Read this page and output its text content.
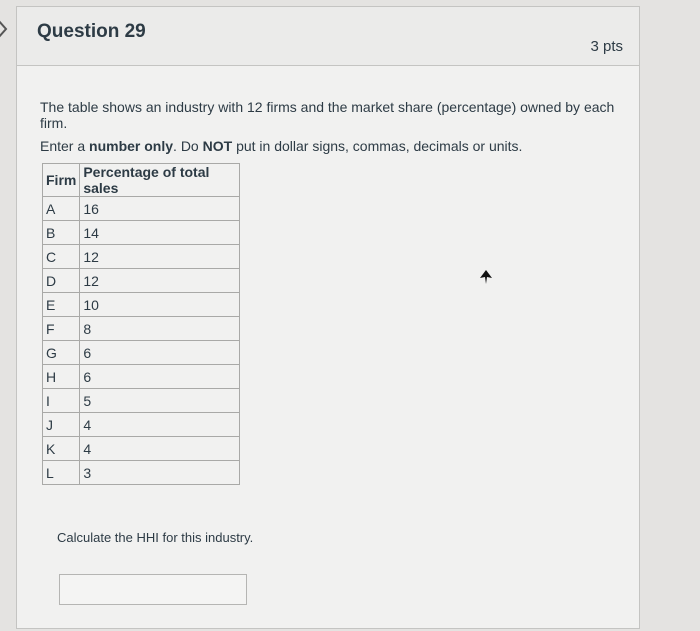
Question 29
3 pts
The table shows an industry with 12 firms and the market share (percentage) owned by each firm.
Enter a number only. Do NOT put in dollar signs, commas, decimals or units.
Firm	Percentage of total sales
A	16
B	14
C	12
D	12
E	10
F	8
G	6
H	6
I	5
J	4
K	4
L	3
Calculate the HHI for this industry.
